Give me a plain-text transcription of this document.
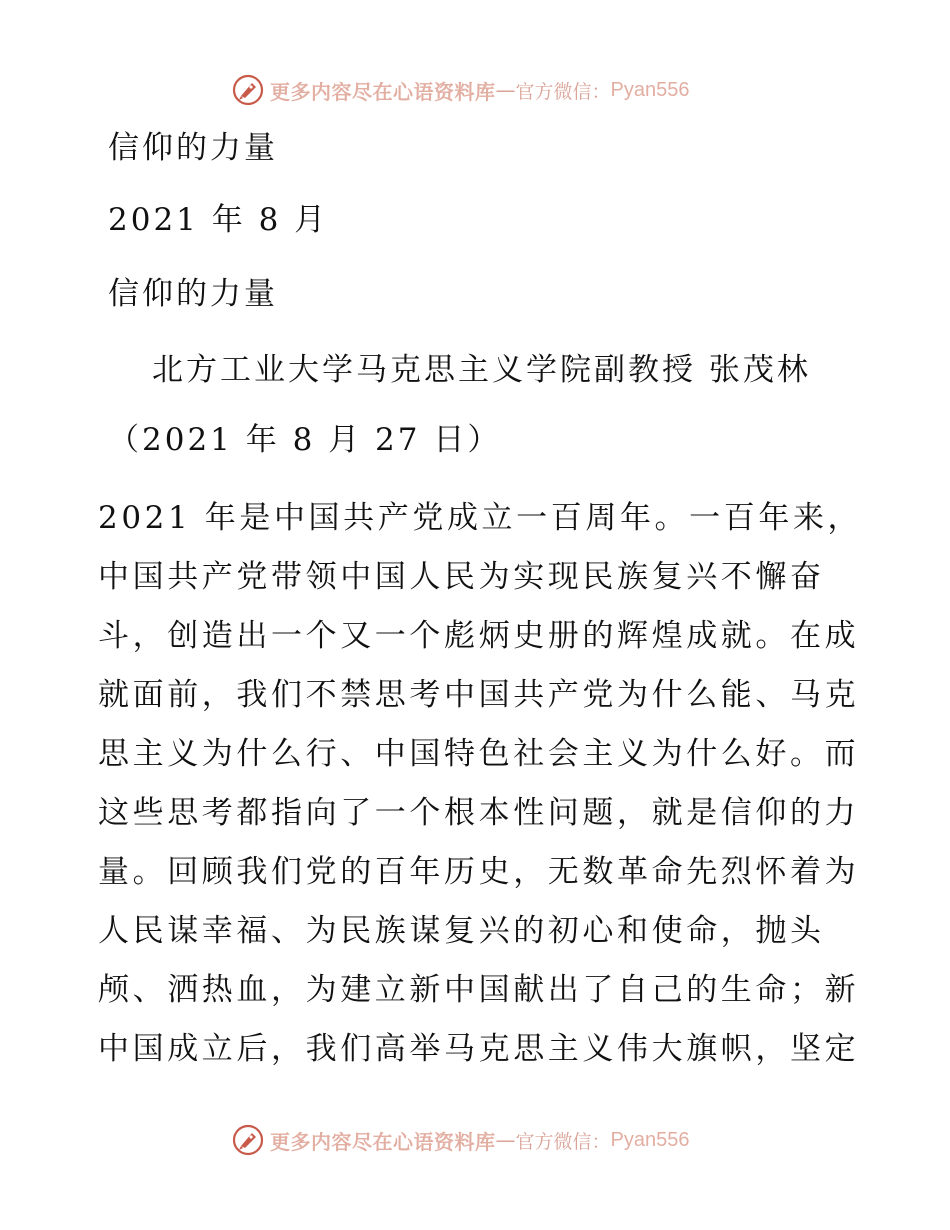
更多内容尽在心语资料库 — 官方微信： Pyan556
信仰的力量
2021 年 8 月
信仰的力量
北方工业大学马克思主义学院副教授 张茂林
（2021 年 8 月 27 日）
2021 年是中国共产党成立一百周年。一百年来，
中国共产党带领中国人民为实现民族复兴不懈奋
斗，创造出一个又一个彪炳史册的辉煌成就。在成
就面前，我们不禁思考中国共产党为什么能、马克
思主义为什么行、中国特色社会主义为什么好。而
这些思考都指向了一个根本性问题，就是信仰的力
量。回顾我们党的百年历史，无数革命先烈怀着为
人民谋幸福、为民族谋复兴的初心和使命，抛头
颅、洒热血，为建立新中国献出了自己的生命；新
中国成立后，我们高举马克思主义伟大旗帜，坚定
更多内容尽在心语资料库 — 官方微信： Pyan556
